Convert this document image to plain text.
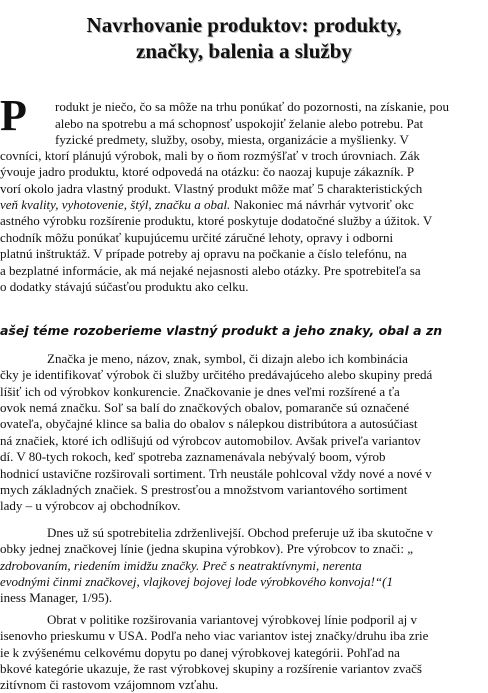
Navrhovanie produktov: produkty,
značky, balenia a služby
P rodukt je niečo, čo sa môže na trhu ponúkať do pozornosti, na získanie, pou
alebo na spotrebu a má schopnosť uspokojiť želanie alebo potrebu. Pat
fyzické predmety, služby, osoby, miesta, organizácie a myšlienky. V
covníci, ktorí plánujú výrobok, mali by o ňom rozmýšľať v troch úrovniach. Zák
ývouje jadro produktu, ktoré odpovedá na otázku: čo naozaj kupuje zákazník. P
vorí okolo jadra vlastný produkt. Vlastný produkt môže mať 5 charakteristických
veň kvality, vyhotovenie, štýl, značku a obal. Nakoniec má návrhár vytvoriť okc
astného výrobku rozšírenie produktu, ktoré poskytuje dodatočné služby a úžitok. V
chodník môžu ponúkať kupujúcemu určité záručné lehoty, opravy i odborni
platnú inštruktáž. V prípade potreby aj opravu na počkanie a číslo telefónu, na
a bezplatné informácie, ak má nejaké nejasnosti alebo otázky. Pre spotrebiteľa sa
o dodatky stávajú súčasťou produktu ako celku.
ašej téme rozoberieme vlastný produkt a jeho znaky, obal a zn
Značka je meno, názov, znak, symbol, či dizajn alebo ich kombinácia
čky je identifikovať výrobok či služby určitého predávajúceho alebo skupiny predá
líšiť ich od výrobkov konkurencie. Značkovanie je dnes veľmi rozšírené a ťa
ovok nemá značku. Soľ sa balí do značkových obalov, pomaranče sú označené
ovateľa, obyčajné klince sa balia do obalov s nálepkou distribútora a autosúčiast
ná značiek, ktoré ich odlišujú od výrobcov automobilov. Avšak priveľa variantov
dí. V 80-tych rokoch, keď spotreba zaznamenávala nebývalý boom, výrob
hodnicí ustavične rozširovali sortiment. Trh neustále pohlcoval vždy nové a nové v
mych základných značiek. S prestrosťou a množstvom variantového sortiment
lady – u výrobcov aj obchodníkov.
Dnes už sú spotrebitelia zdrženlivejší. Obchod preferuje už iba skutočne v
obky jednej značkovej línie (jedna skupina výrobkov). Pre výrobcov to znači: „
zdrobovaním, riedením imidžu značky. Preč s neatraktívnymi, nerenta
evodnými činmi značkovej, vlajkovej bojovej lode výrobkového konvoja!“(1
iness Manager, 1/95).
Obrat v politike rozširovania variantovej výrobkovej línie podporil aj v
isenovho prieskumu v USA. Podľa neho viac variantov istej značky/druhu iba zrie
ie k zvýšenému celkovému dopytu po danej výrobkovej kategórii. Pohľad na
bkové kategórie ukazuje, že rast výrobkovej skupiny a rozšírenie variantov zvačš
zitívnom či rastovom vzájomnom vzťahu.
